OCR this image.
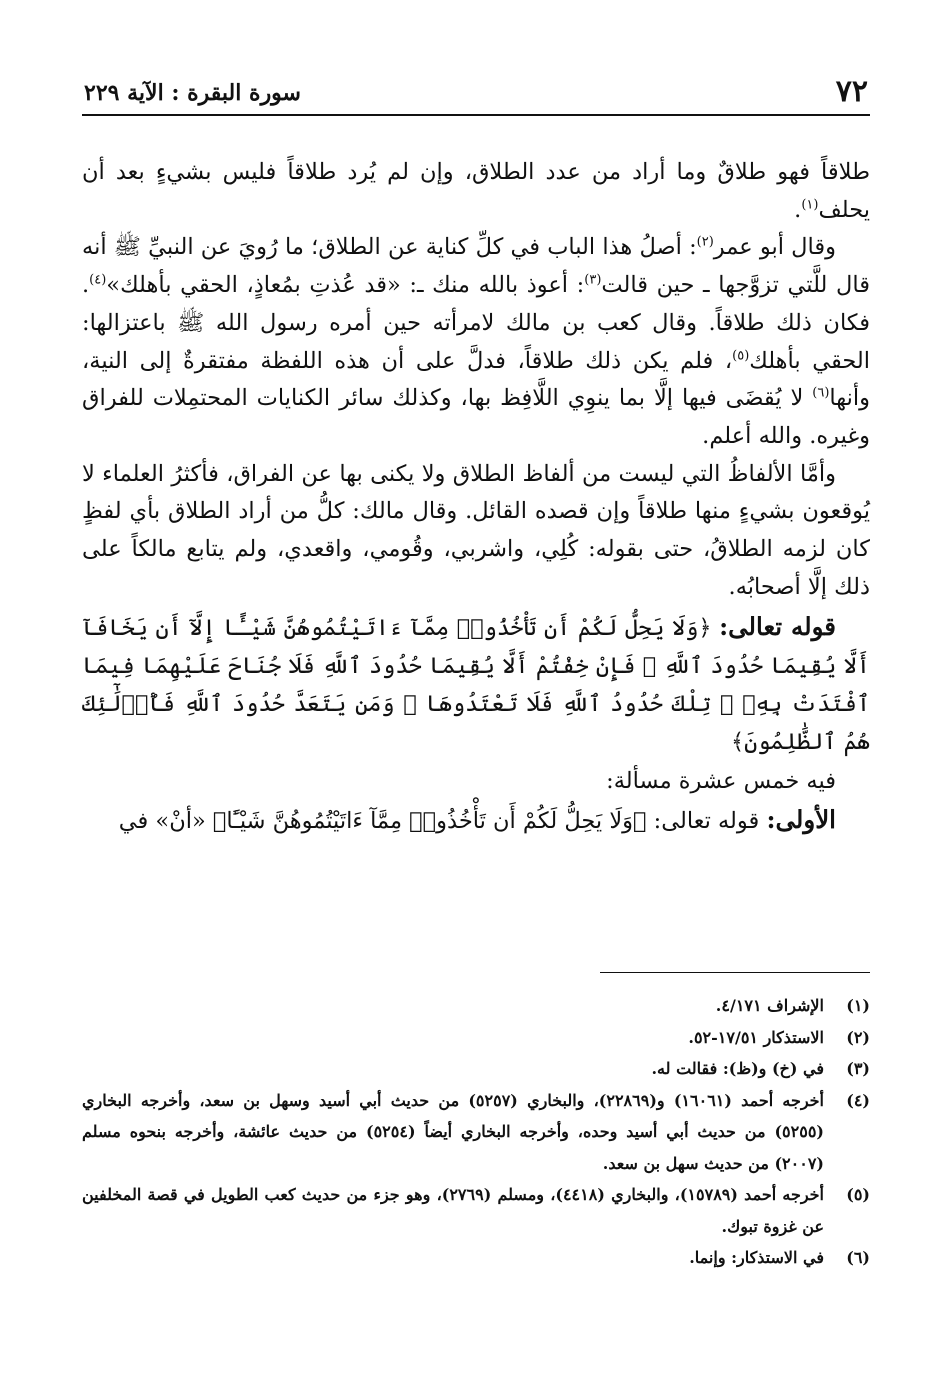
٧٢
سورة البقرة : الآية ٢٢٩

طلاقاً فهو طلاقٌ وما أراد من عدد الطلاق، وإن لم يُرد طلاقاً فليس بشيءٍ بعد أن يحلف$^{(١)}$.

وقال أبو عمر$^{(٢)}$: أصلُ هذا الباب في كلِّ كناية عن الطلاق؛ ما رُويَ عن النبيِّ ﷺ أنه قال للَّتي تزوَّجها ـ حين قالت$^{(٣)}$: أعوذ بالله منك ـ: «قد عُذتِ بمُعاذٍ، الحقي بأهلك»$^{(٤)}$. فكان ذلك طلاقاً. وقال كعب بن مالك لامرأته حين أمره رسول الله ﷺ باعتزالها: الحقي بأهلك$^{(٥)}$، فلم يكن ذلك طلاقاً، فدلَّ على أن هذه اللفظة مفتقرةٌ إلى النية، وأنها$^{(٦)}$ لا يُقضَى فيها إلَّا بما ينوِي اللَّافِظ بها، وكذلك سائر الكنايات المحتمِلات للفراق وغيره. والله أعلم.

وأمَّا الألفاظُ التي ليست من ألفاظ الطلاق ولا يكنى بها عن الفراق، فأكثرُ العلماء لا يُوقعون بشيءٍ منها طلاقاً وإن قصده القائل. وقال مالك: كلُّ من أراد الطلاق بأي لفظٍ كان لزمه الطلاقُ، حتى بقوله: كُلِي، واشربي، وقُومي، واقعدي، ولم يتابع مالكاً على ذلك إلَّا أصحابُه.

قوله تعالى: ﴿وَلَا يَحِلُّ لَكُمْ أَن تَأْخُذُوا۟ مِمَّآ ءَاتَيْتُمُوهُنَّ شَيْـًٔا إِلَّآ أَن يَخَافَآ أَلَّا يُقِيمَا حُدُودَ ٱللَّهِ ۖ فَإِنْ خِفْتُمْ أَلَّا يُقِيمَا حُدُودَ ٱللَّهِ فَلَا جُنَاحَ عَلَيْهِمَا فِيمَا ٱفْتَدَتْ بِهِۦ ۗ تِلْكَ حُدُودُ ٱللَّهِ فَلَا تَعْتَدُوهَا ۚ وَمَن يَتَعَدَّ حُدُودَ ٱللَّهِ فَأُو۟لَٰٓئِكَ هُمُ ٱلظَّٰلِمُونَ﴾

فيه خمس عشرة مسألة:

الأولى: قوله تعالى: ﴿وَلَا يَحِلُّ لَكُمْ أَن تَأْخُذُوا۟ مِمَّآ ءَاتَيْتُمُوهُنَّ شَيْـًٔا﴾ «أنْ» في

(١)
الإشراف ٤/١٧١.

(٢)
الاستذكار ١٧/٥١-٥٢.

(٣)
في (خ) و(ظ): فقالت له.

(٤)
أخرجه أحمد (١٦٠٦١) و(٢٢٨٦٩)، والبخاري (٥٢٥٧) من حديث أبي أسيد وسهل بن سعد، وأخرجه البخاري (٥٢٥٥) من حديث أبي أسيد وحده، وأخرجه البخاري أيضاً (٥٢٥٤) من حديث عائشة، وأخرجه بنحوه مسلم (٢٠٠٧) من حديث سهل بن سعد.

(٥)
أخرجه أحمد (١٥٧٨٩)، والبخاري (٤٤١٨)، ومسلم (٢٧٦٩)، وهو جزء من حديث كعب الطويل في قصة المخلفين عن غزوة تبوك.

(٦)
في الاستذكار: وإنما.
